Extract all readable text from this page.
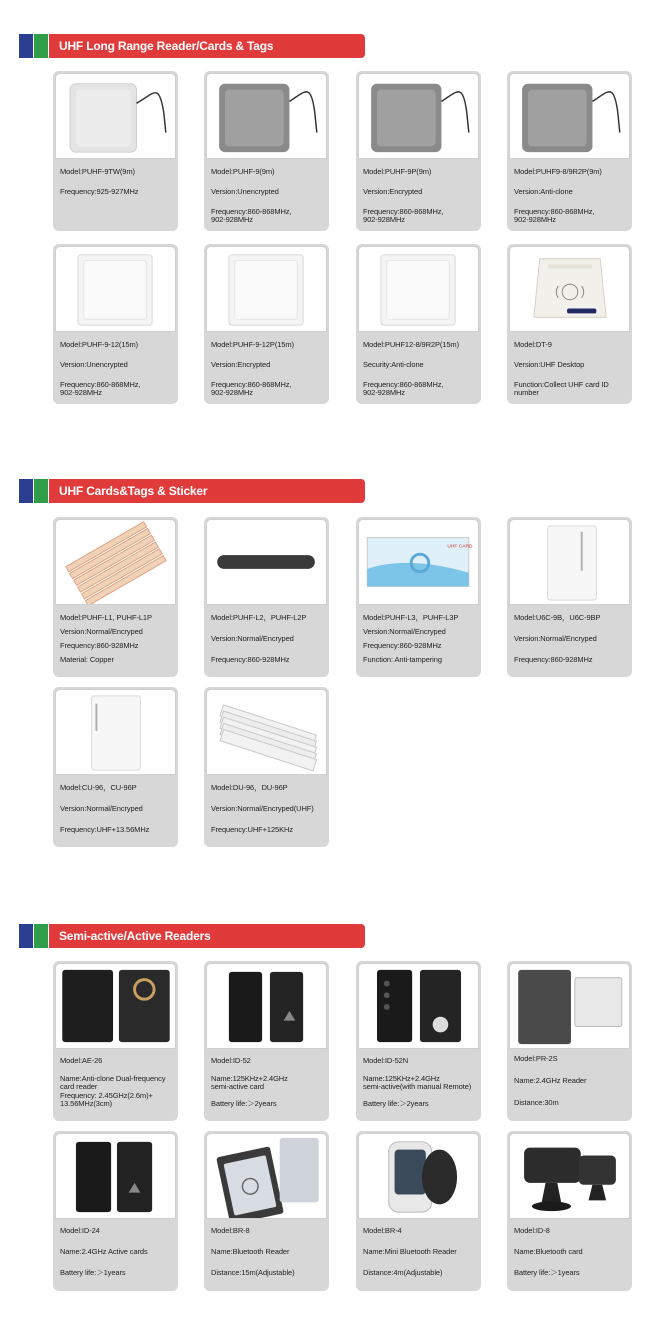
UHF Long Range Reader/Cards & Tags
Model:PUHF-9TW(9m)
Frequency:925-927MHz
Model:PUHF-9(9m)
Version:Unencrypted
Frequency:860-868MHz,
902-928MHz
Model:PUHF-9P(9m)
Version:Encrypted
Frequency:860-868MHz,
902-928MHz
Model:PUHF9-8/9R2P(9m)
Version:Anti-clone
Frequency:860-868MHz,
902-928MHz
Model:PUHF-9-12(15m)
Version:Unencrypted
Frequency:860-868MHz,
902-928MHz
Model:PUHF-9-12P(15m)
Version:Encrypted
Frequency:860-868MHz,
902-928MHz
Model:PUHF12-8/9R2P(15m)
Security:Anti-clone
Frequency:860-868MHz,
902-928MHz
Model:DT-9
Version:UHF Desktop
Function:Collect UHF card ID
number
UHF Cards&Tags & Sticker
Model:PUHF-L1, PUHF-L1P
Version:Normal/Encryped
Frequency:860-928MHz
Material: Copper
Model:PUHF-L2，PUHF-L2P
Version:Normal/Encryped
Frequency:860-928MHz
UHF CARD
Model:PUHF-L3，PUHF-L3P
Version:Normal/Encryped
Frequency:860-928MHz
Function: Anti-tampering
Model:U6C-9B，U6C-9BP
Version:Normal/Encryped
Frequency:860-928MHz
Model:CU-96，CU-96P
Version:Normal/Encryped
Frequency:UHF+13.56MHz
Model:DU-96，DU-96P
Version:Normal/Encryped(UHF)
Frequency:UHF+125KHz
Semi-active/Active Readers
Model:AE-26
Name:Anti-clone Dual-frequency
card reader
Frequency: 2.45GHz(2.6m)+
13.56MHz(3cm)
Model:ID-52
Name:125KHz+2.4GHz
semi-active card
Battery life:＞2years
Model:ID-52N
Name:125KHz+2.4GHz
semi-active(with manual Remote)
Battery life:＞2years
Model:PR-2S
Name:2.4GHz Reader
Distance:30m
Model:ID-24
Name:2.4GHz Active cards
Battery life:＞1years
Model:BR-8
Name:Bluetooth Reader
Distance:15m(Adjustable)
Model:BR-4
Name:Mini Bluetooth Reader
Distance:4m(Adjustable)
Model:ID-8
Name:Bluetooth card
Battery life:＞1years
